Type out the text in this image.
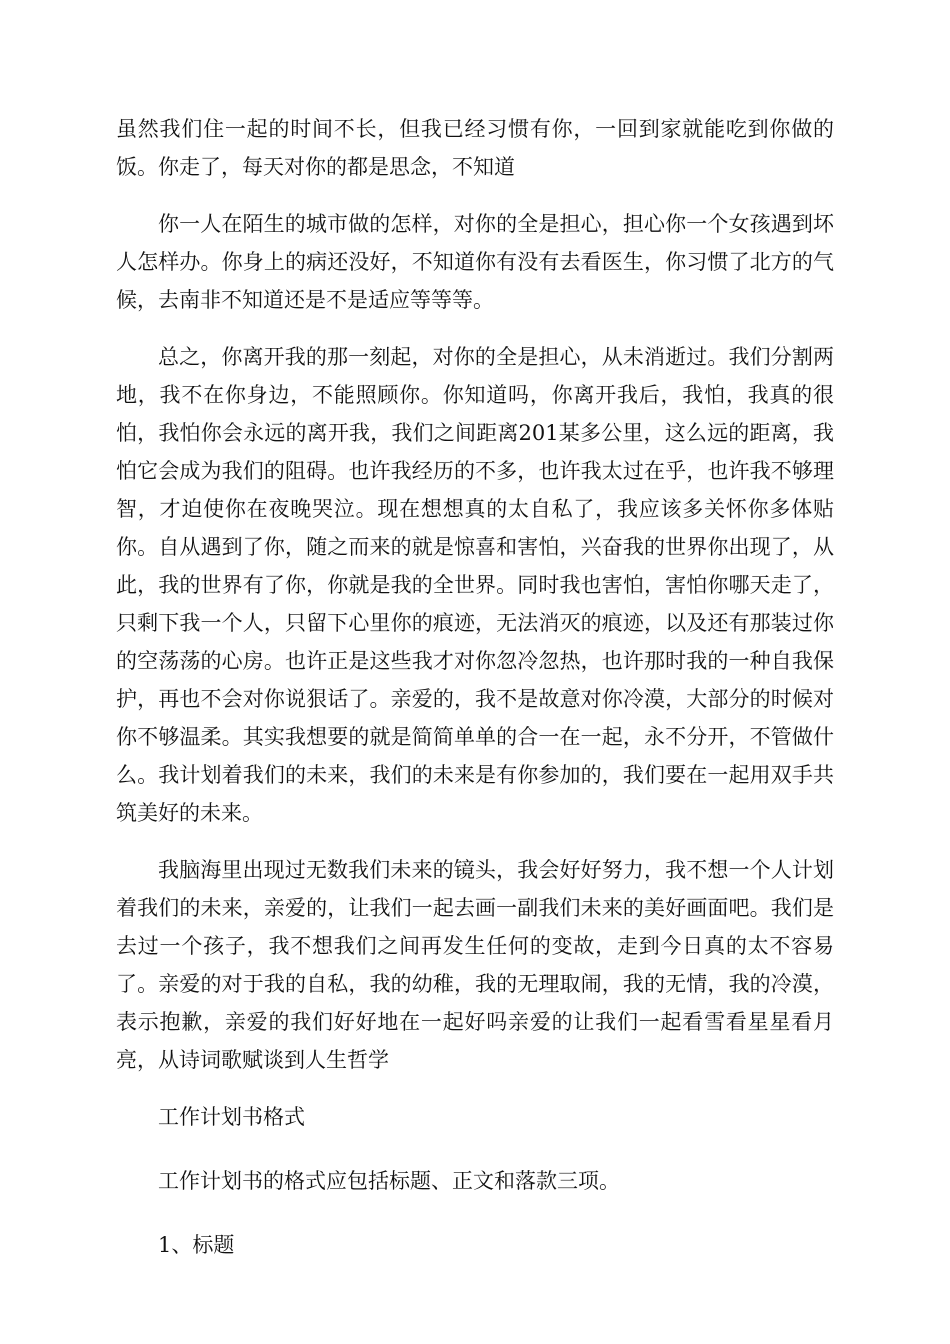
虽然我们住一起的时间不长，但我已经习惯有你，一回到家就能吃到你做的饭。你走了，每天对你的都是思念，不知道

你一人在陌生的城市做的怎样，对你的全是担心，担心你一个女孩遇到坏人怎样办。你身上的病还没好，不知道你有没有去看医生，你习惯了北方的气候，去南非不知道还是不是适应等等等。

总之，你离开我的那一刻起，对你的全是担心，从未消逝过。我们分割两地，我不在你身边，不能照顾你。你知道吗，你离开我后，我怕，我真的很怕，我怕你会永远的离开我，我们之间距离201某多公里，这么远的距离，我怕它会成为我们的阻碍。也许我经历的不多，也许我太过在乎，也许我不够理智，才迫使你在夜晚哭泣。现在想想真的太自私了，我应该多关怀你多体贴你。自从遇到了你，随之而来的就是惊喜和害怕，兴奋我的世界你出现了，从此，我的世界有了你，你就是我的全世界。同时我也害怕，害怕你哪天走了，只剩下我一个人，只留下心里你的痕迹，无法消灭的痕迹，以及还有那装过你的空荡荡的心房。也许正是这些我才对你忽冷忽热，也许那时我的一种自我保护，再也不会对你说狠话了。亲爱的，我不是故意对你冷漠，大部分的时候对你不够温柔。其实我想要的就是简简单单的合一在一起，永不分开，不管做什么。我计划着我们的未来，我们的未来是有你参加的，我们要在一起用双手共筑美好的未来。

我脑海里出现过无数我们未来的镜头，我会好好努力，我不想一个人计划着我们的未来，亲爱的，让我们一起去画一副我们未来的美好画面吧。我们是去过一个孩子，我不想我们之间再发生任何的变故，走到今日真的太不容易了。亲爱的对于我的自私，我的幼稚，我的无理取闹，我的无情，我的冷漠，表示抱歉，亲爱的我们好好地在一起好吗亲爱的让我们一起看雪看星星看月亮，从诗词歌赋谈到人生哲学

工作计划书格式

工作计划书的格式应包括标题、正文和落款三项。

1、标题
